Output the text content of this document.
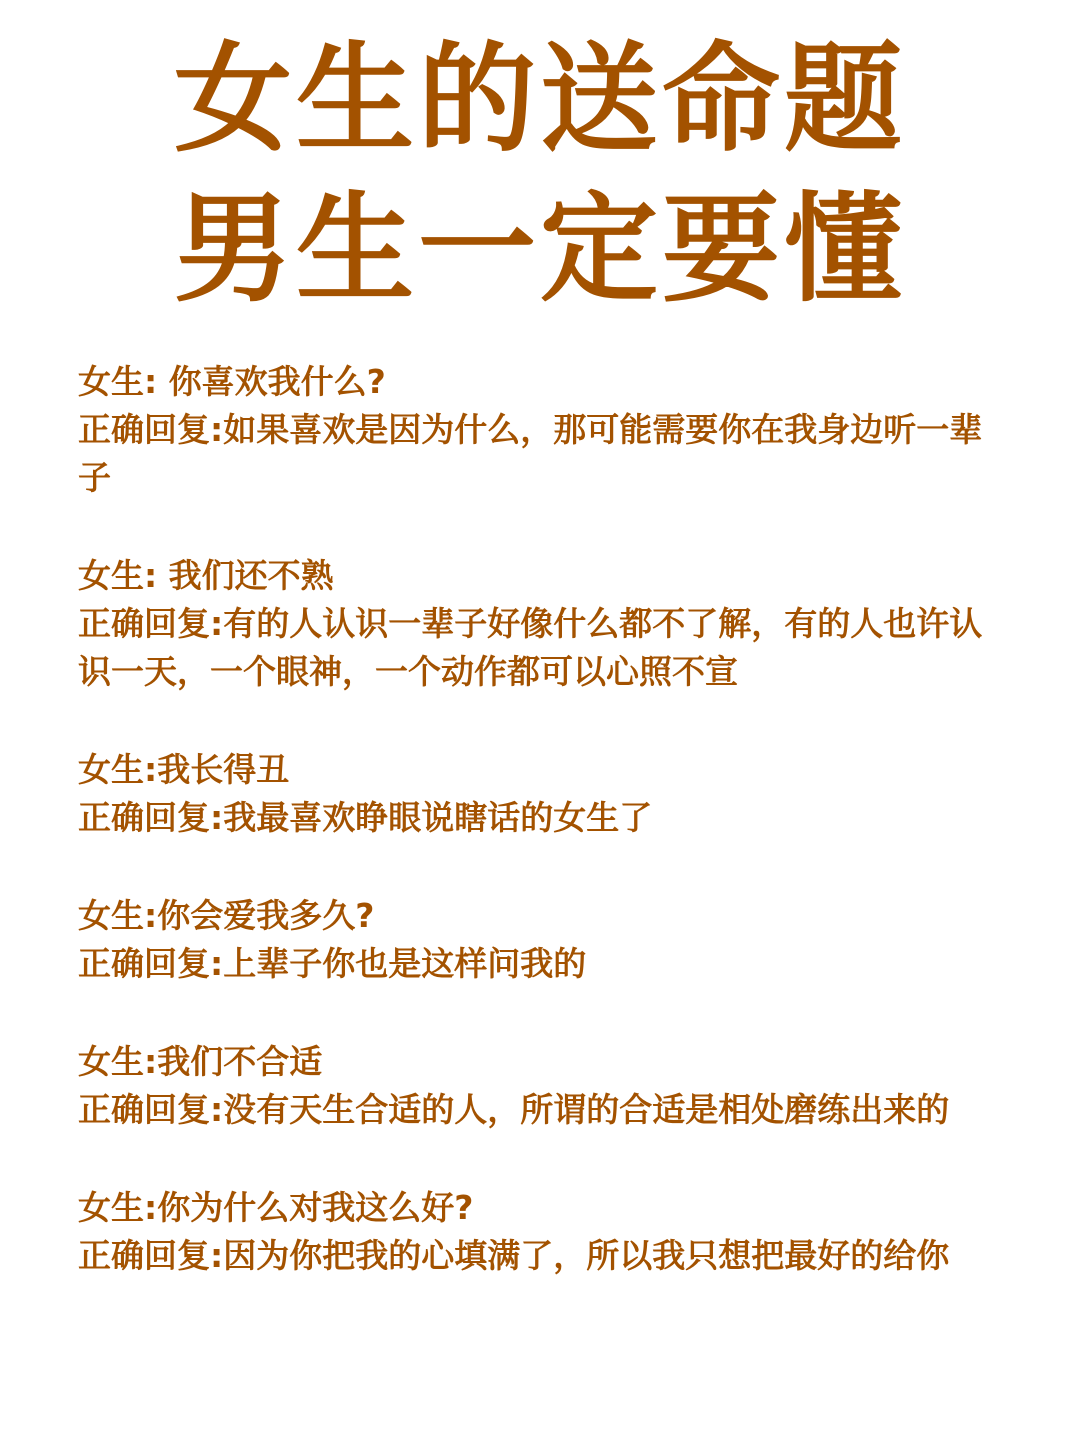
女生的送命题
男生一定要懂
女生: 你喜欢我什么?
正确回复:如果喜欢是因为什么，那可能需要你在我身边听一辈子
女生: 我们还不熟
正确回复:有的人认识一辈子好像什么都不了解，有的人也许认识一天，一个眼神，一个动作都可以心照不宣
女生:我长得丑
正确回复:我最喜欢睁眼说瞎话的女生了
女生:你会爱我多久?
正确回复:上辈子你也是这样问我的
女生:我们不合适
正确回复:没有天生合适的人，所谓的合适是相处磨练出来的
女生:你为什么对我这么好?
正确回复:因为你把我的心填满了，所以我只想把最好的给你
